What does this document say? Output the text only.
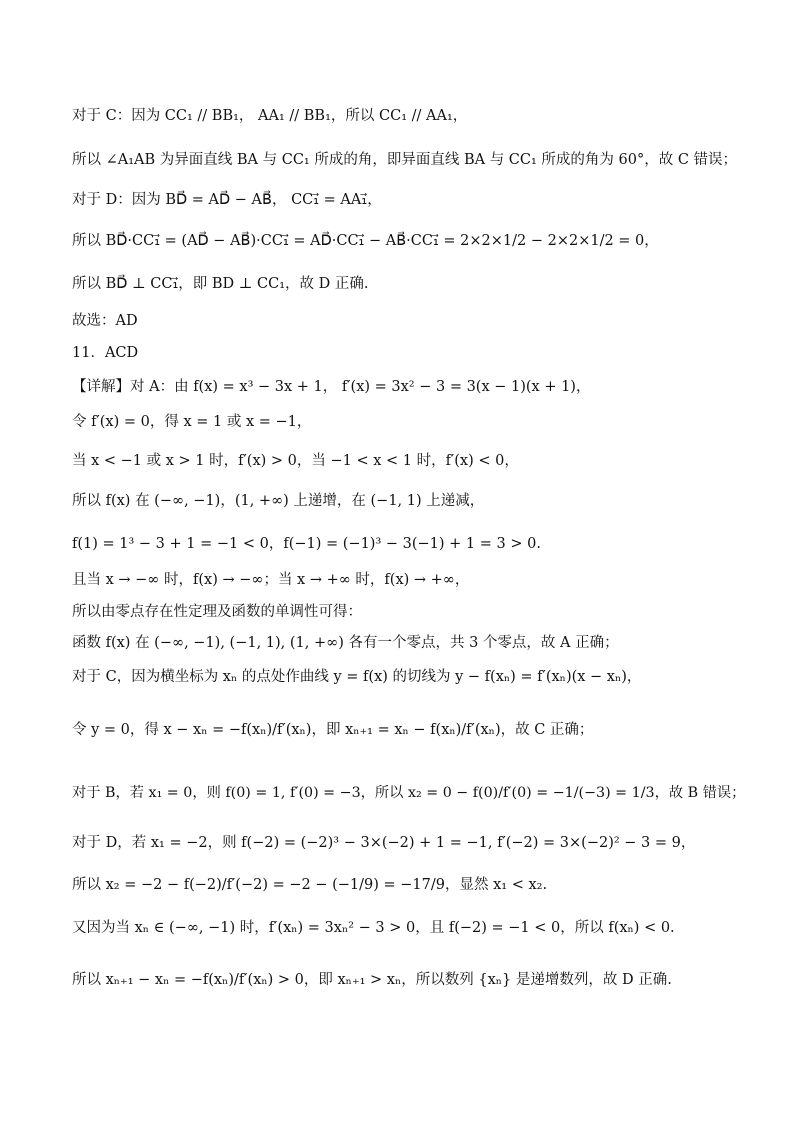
对于 C：因为 CC₁ // BB₁， AA₁ // BB₁，所以 CC₁ // AA₁，
所以 ∠A₁AB 为异面直线 BA 与 CC₁ 所成的角，即异面直线 BA 与 CC₁ 所成的角为 60°，故 C 错误；
对于 D：因为 BD⃗ = AD⃗ − AB⃗， CC₁⃗ = AA₁⃗，
所以 BD⃗·CC₁⃗ = (AD⃗ − AB⃗)·CC₁⃗ = AD⃗·CC₁⃗ − AB⃗·CC₁⃗ = 2×2×1/2 − 2×2×1/2 = 0，
所以 BD⃗ ⊥ CC₁⃗，即 BD ⊥ CC₁，故 D 正确.
故选：AD
11．ACD
【详解】对 A：由 f(x) = x³ − 3x + 1， f′(x) = 3x² − 3 = 3(x − 1)(x + 1)，
令 f′(x) = 0，得 x = 1 或 x = −1，
当 x < −1 或 x > 1 时，f′(x) > 0，当 −1 < x < 1 时，f′(x) < 0，
所以 f(x) 在 (−∞, −1)，(1, +∞) 上递增，在 (−1, 1) 上递减，
f(1) = 1³ − 3 + 1 = −1 < 0，f(−1) = (−1)³ − 3(−1) + 1 = 3 > 0.
且当 x → −∞ 时，f(x) → −∞；当 x → +∞ 时，f(x) → +∞，
所以由零点存在性定理及函数的单调性可得：
函数 f(x) 在 (−∞, −1), (−1, 1), (1, +∞) 各有一个零点，共 3 个零点，故 A 正确；
对于 C，因为横坐标为 xₙ 的点处作曲线 y = f(x) 的切线为 y − f(xₙ) = f′(xₙ)(x − xₙ)，
令 y = 0，得 x − xₙ = −f(xₙ)/f′(xₙ)，即 xₙ₊₁ = xₙ − f(xₙ)/f′(xₙ)，故 C 正确；
对于 B，若 x₁ = 0，则 f(0) = 1, f′(0) = −3，所以 x₂ = 0 − f(0)/f′(0) = −1/(−3) = 1/3，故 B 错误；
对于 D，若 x₁ = −2，则 f(−2) = (−2)³ − 3×(−2) + 1 = −1, f′(−2) = 3×(−2)² − 3 = 9，
所以 x₂ = −2 − f(−2)/f′(−2) = −2 − (−1/9) = −17/9，显然 x₁ < x₂.
又因为当 xₙ ∈ (−∞, −1) 时，f′(xₙ) = 3xₙ² − 3 > 0，且 f(−2) = −1 < 0，所以 f(xₙ) < 0.
所以 xₙ₊₁ − xₙ = −f(xₙ)/f′(xₙ) > 0，即 xₙ₊₁ > xₙ，所以数列 {xₙ} 是递增数列，故 D 正确.
